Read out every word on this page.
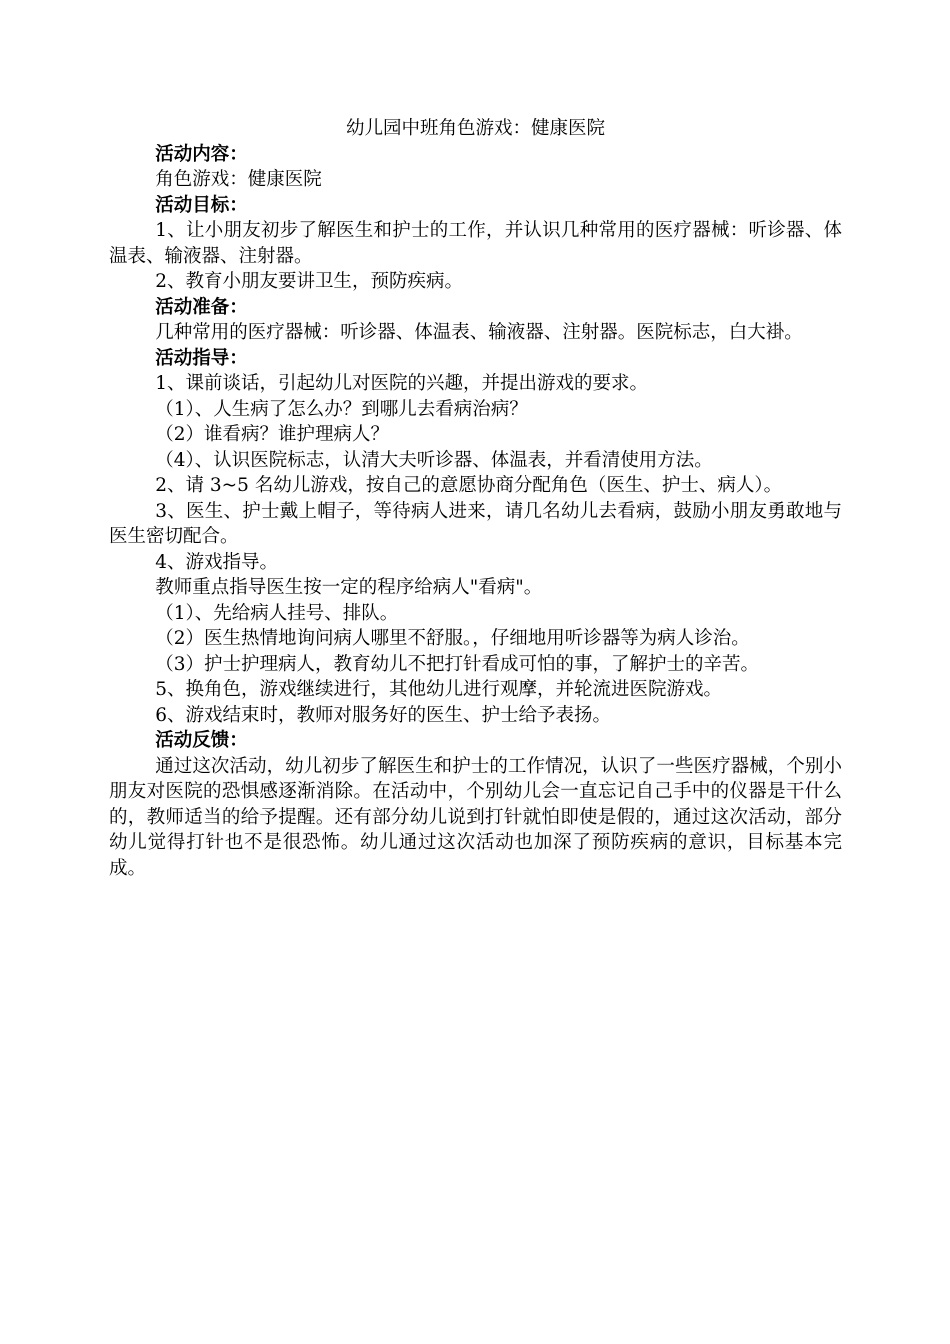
幼儿园中班角色游戏：健康医院

活动内容：

角色游戏：健康医院

活动目标：

1、让小朋友初步了解医生和护士的工作，并认识几种常用的医疗器械：听诊器、体温表、输液器、注射器。

2、教育小朋友要讲卫生，预防疾病。

活动准备：

几种常用的医疗器械：听诊器、体温表、输液器、注射器。医院标志，白大褂。

活动指导：

1、课前谈话，引起幼儿对医院的兴趣，并提出游戏的要求。

（1）、人生病了怎么办？到哪儿去看病治病？

（2）谁看病？谁护理病人？

（4）、认识医院标志，认清大夫听诊器、体温表，并看清使用方法。

2、请 3~5 名幼儿游戏，按自己的意愿协商分配角色（医生、护士、病人）。

3、医生、护士戴上帽子，等待病人进来，请几名幼儿去看病，鼓励小朋友勇敢地与医生密切配合。

4、游戏指导。

教师重点指导医生按一定的程序给病人"看病"。

（1）、先给病人挂号、排队。

（2）医生热情地询问病人哪里不舒服。，仔细地用听诊器等为病人诊治。

（3）护士护理病人，教育幼儿不把打针看成可怕的事，了解护士的辛苦。

5、换角色，游戏继续进行，其他幼儿进行观摩，并轮流进医院游戏。

6、游戏结束时，教师对服务好的医生、护士给予表扬。

活动反馈：

通过这次活动，幼儿初步了解医生和护士的工作情况，认识了一些医疗器械，个别小朋友对医院的恐惧感逐渐消除。在活动中，个别幼儿会一直忘记自己手中的仪器是干什么的，教师适当的给予提醒。还有部分幼儿说到打针就怕即使是假的，通过这次活动，部分幼儿觉得打针也不是很恐怖。幼儿通过这次活动也加深了预防疾病的意识，目标基本完成。
